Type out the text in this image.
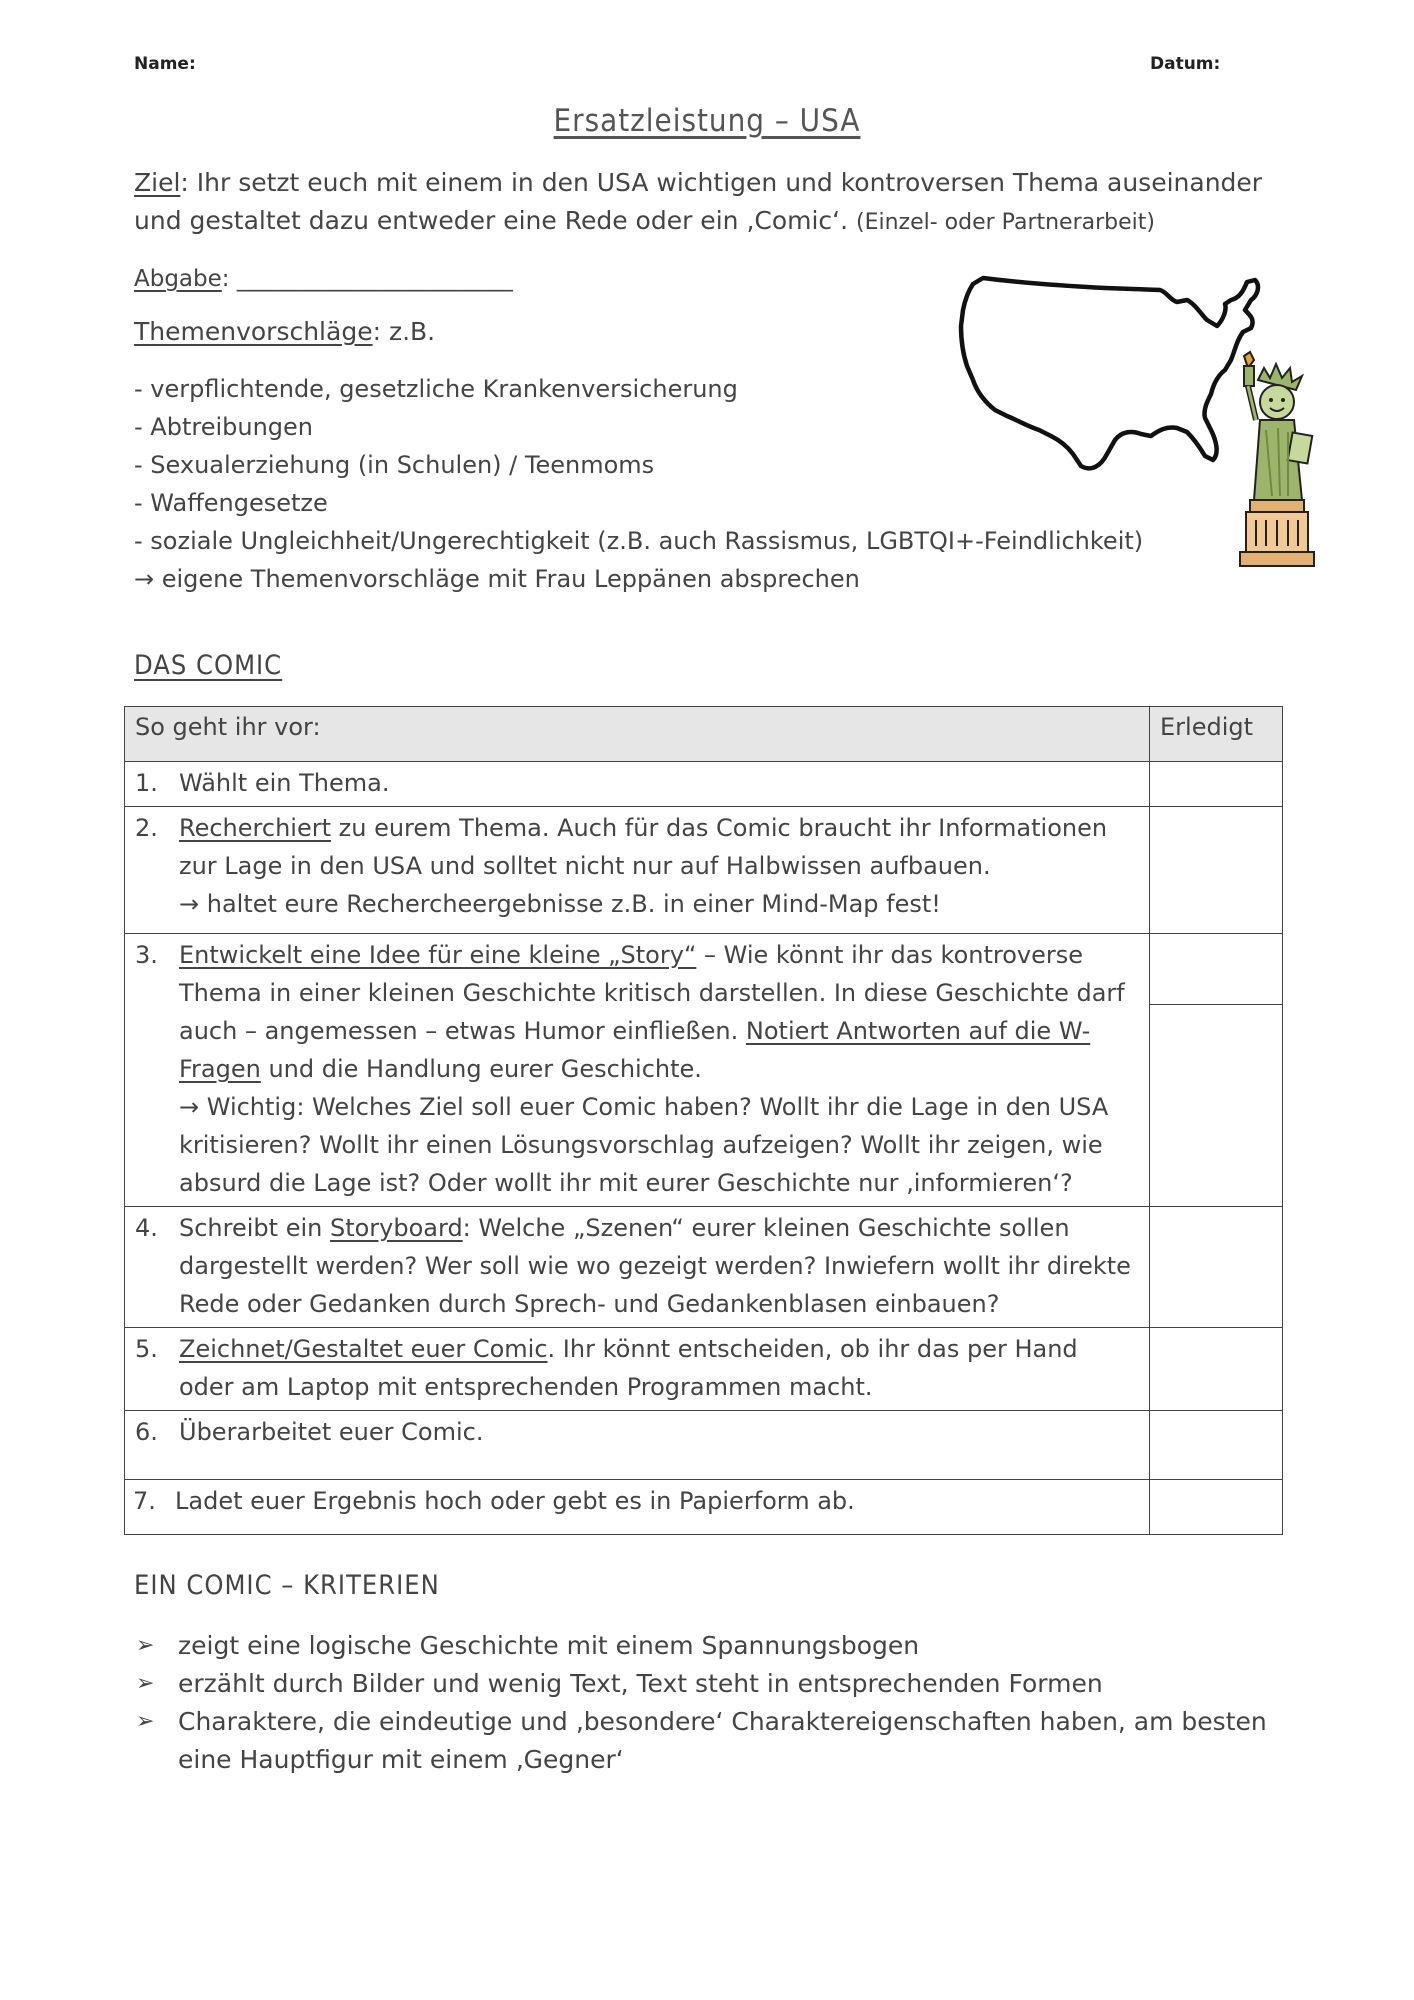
Name:	Datum:
Ersatzleistung – USA
Ziel: Ihr setzt euch mit einem in den USA wichtigen und kontroversen Thema auseinander
und gestaltet dazu entweder eine Rede oder ein ‚Comic‘. (Einzel- oder Partnerarbeit)
Abgabe: ________________________
Themenvorschläge: z.B.
- verpflichtende, gesetzliche Krankenversicherung
- Abtreibungen
- Sexualerziehung (in Schulen) / Teenmoms
- Waffengesetze
- soziale Ungleichheit/Ungerechtigkeit (z.B. auch Rassismus, LGBTQI+-Feindlichkeit)
→ eigene Themenvorschläge mit Frau Leppänen absprechen
DAS COMIC
So geht ihr vor:	Erledigt

1. Wählt ein Thema.	

2. Recherchiert zu eurem Thema. Auch für das Comic braucht ihr Informationen zur Lage in den USA und solltet nicht nur auf Halbwissen aufbauen.
→ haltet eure Rechercheergebnisse z.B. in einer Mind-Map fest!	

3. Entwickelt eine Idee für eine kleine „Story“ – Wie könnt ihr das kontroverse Thema in einer kleinen Geschichte kritisch darstellen. In diese Geschichte darf auch – angemessen – etwas Humor einfließen. Notiert Antworten auf die W-Fragen und die Handlung eurer Geschichte.
→ Wichtig: Welches Ziel soll euer Comic haben? Wollt ihr die Lage in den USA kritisieren? Wollt ihr einen Lösungsvorschlag aufzeigen? Wollt ihr zeigen, wie absurd die Lage ist? Oder wollt ihr mit eurer Geschichte nur ‚informieren‘?	

4. Schreibt ein Storyboard: Welche „Szenen“ eurer kleinen Geschichte sollen dargestellt werden? Wer soll wie wo gezeigt werden? Inwiefern wollt ihr direkte Rede oder Gedanken durch Sprech- und Gedankenblasen einbauen?	

5. Zeichnet/Gestaltet euer Comic. Ihr könnt entscheiden, ob ihr das per Hand oder am Laptop mit entsprechenden Programmen macht.	

6. Überarbeitet euer Comic.	

7. Ladet euer Ergebnis hoch oder gebt es in Papierform ab.	

EIN COMIC – KRITERIEN
➢ zeigt eine logische Geschichte mit einem Spannungsbogen
➢ erzählt durch Bilder und wenig Text, Text steht in entsprechenden Formen
➢ Charaktere, die eindeutige und ‚besondere‘ Charaktereigenschaften haben, am besten eine Hauptfigur mit einem ‚Gegner‘
